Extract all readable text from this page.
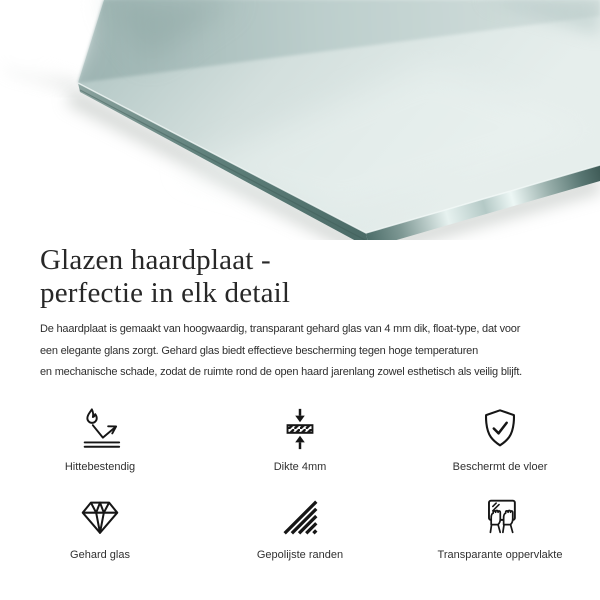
Glazen haardplaat -
perfectie in elk detail
De haardplaat is gemaakt van hoogwaardig, transparant gehard glas van 4 mm dik, float-type, dat voor
een elegante glans zorgt. Gehard glas biedt effectieve bescherming tegen hoge temperaturen
en mechanische schade, zodat de ruimte rond de open haard jarenlang zowel esthetisch als veilig blijft.
Hittebestendig	Dikte 4mm	Beschermt de vloer
Gehard glas	Gepolijste randen	Transparante oppervlakte
